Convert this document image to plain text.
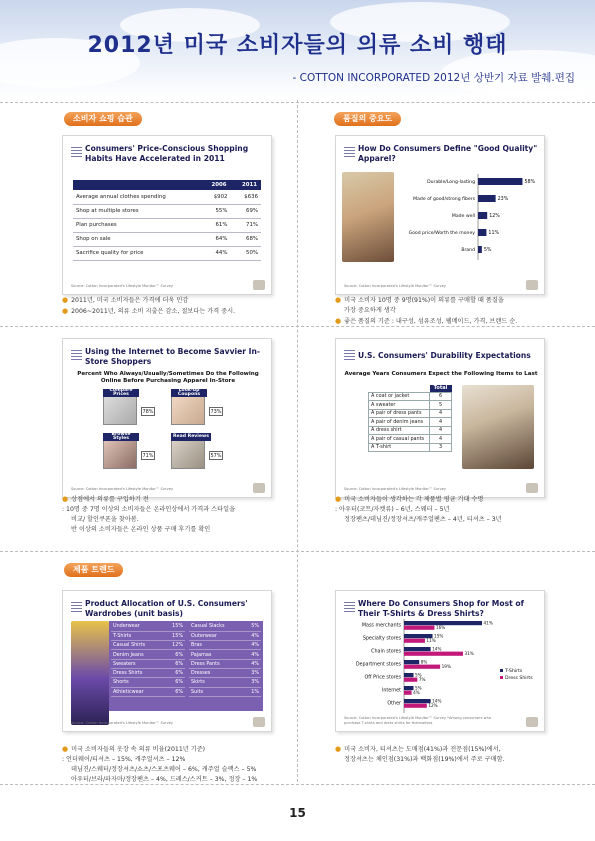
2012년 미국 소비자들의 의류 소비 행태
- COTTON INCORPORATED 2012년 상반기 자료 발췌.편집
소비자 쇼핑 습관	품질의 중요도
제품 트렌드
Consumers' Price-Conscious Shopping Habits Have Accelerated in 2011
	2006	2011
Average annual clothes spending	$902	$636
Shop at multiple stores	55%	69%
Plan purchases	61%	71%
Shop on sale	64%	68%
Sacrifice quality for price	44%	50%
Source: Cotton Incorporated's Lifestyle Monitor™ Survey
How Do Consumers Define "Good Quality" Apparel?
Durable/Long-lasting	58%
Made of good/strong fibers	23%
Made well	12%
Good price/Worth the money	11%
Brand 5%
Source: Cotton Incorporated's Lifestyle Monitor™ Survey
● 2011년, 미국 소비자들은 가격에 더욱 민감
● 2006~2011년, 의류 소비 지출은 감소, 절보다는 가격 중시.
● 미국 소비자 10명 중 9명(91%)이 의류를 구매할 때 품질을
가장 중요하게 생각
● 좋은 품질의 기준 : 내구성, 섬유조성, 웰메이드, 가격, 브랜드 순.
Using the Internet to Become Savvier In-Store Shoppers
Percent Who Always/Usually/Sometimes Do the Following Online Before Purchasing Apparel In-Store
Compare Prices
78%
Look-up Coupons
73%
Browse Styles
71%
Read Reviews
57%
Source: Cotton Incorporated's Lifestyle Monitor™ Survey
U.S. Consumers' Durability Expectations
Average Years Consumers Expect the Following Items to Last
	Total
A coat or jacket	6
A sweater	5
A pair of dress pants	4
A pair of denim jeans	4
A dress shirt	4
A pair of casual pants	4
A T-shirt	3
Source: Cotton Incorporated's Lifestyle Monitor™ Survey
● 상점에서 의류를 구입하기 전
: 10명 중 7명 이상의 소비자들은 온라인상에서 가격과 스타일을
비교/ 할인쿠폰을 찾아봄.
반 이상의 소비자들은 온라인 상품 구매 후기를 확인
● 미국 소비자들이 생각하는 각 제품별 평균 기대 수명
: 아우터(코트/자켓류) – 6년, 스웨터 – 5년
정장팬츠/데님진/정장셔츠/캐주얼팬츠 – 4년, 티셔츠 – 3년
Product Allocation of U.S. Consumers' Wardrobes (unit basis)
Underwear	15%
T-Shirts	15%
Casual Shirts	12%
Denim Jeans	6%
Sweaters	6%
Dress Shirts	6%
Shorts	6%
Athleticwear	6%
Casual Slacks	5%
Outerwear	4%
Bras	4%
Pajamas	4%
Dress Pants	4%
Dresses	3%
Skirts	3%
Suits	1%
Source: Cotton Incorporated's Lifestyle Monitor™ Survey
Where Do Consumers Shop for Most of Their T-Shirts & Dress Shirts?
Mass merchants
41%
16%
Specialty stores
15%
11%
Chain stores
14%
31%
Department stores
8%
19%
Off Price stores
5%
7%
Internet
5%
4%
Other
14%
12%
T-Shirts
Dress Shirts
Source: Cotton Incorporated's Lifestyle Monitor™ Survey *Among consumers who purchase T-shirts and dress shirts for themselves
● 미국 소비자들의 옷장 속 의류 비율(2011년 기준)
: 언더웨어/티셔츠 – 15%, 캐주얼셔츠 – 12%
데님진/스웨터/정장셔츠/쇼츠/스포츠웨어 – 6%, 캐주얼 슬랙스 – 5%
아우터/브라/파자마/정장팬츠 – 4%, 드레스/스커트 – 3%, 정장 – 1%
● 미국 소비자, 티셔츠는 도매점(41%)과 전문점(15%)에서,
정장셔츠는 체인점(31%)과 백화점(19%)에서 주로 구매함.
15
